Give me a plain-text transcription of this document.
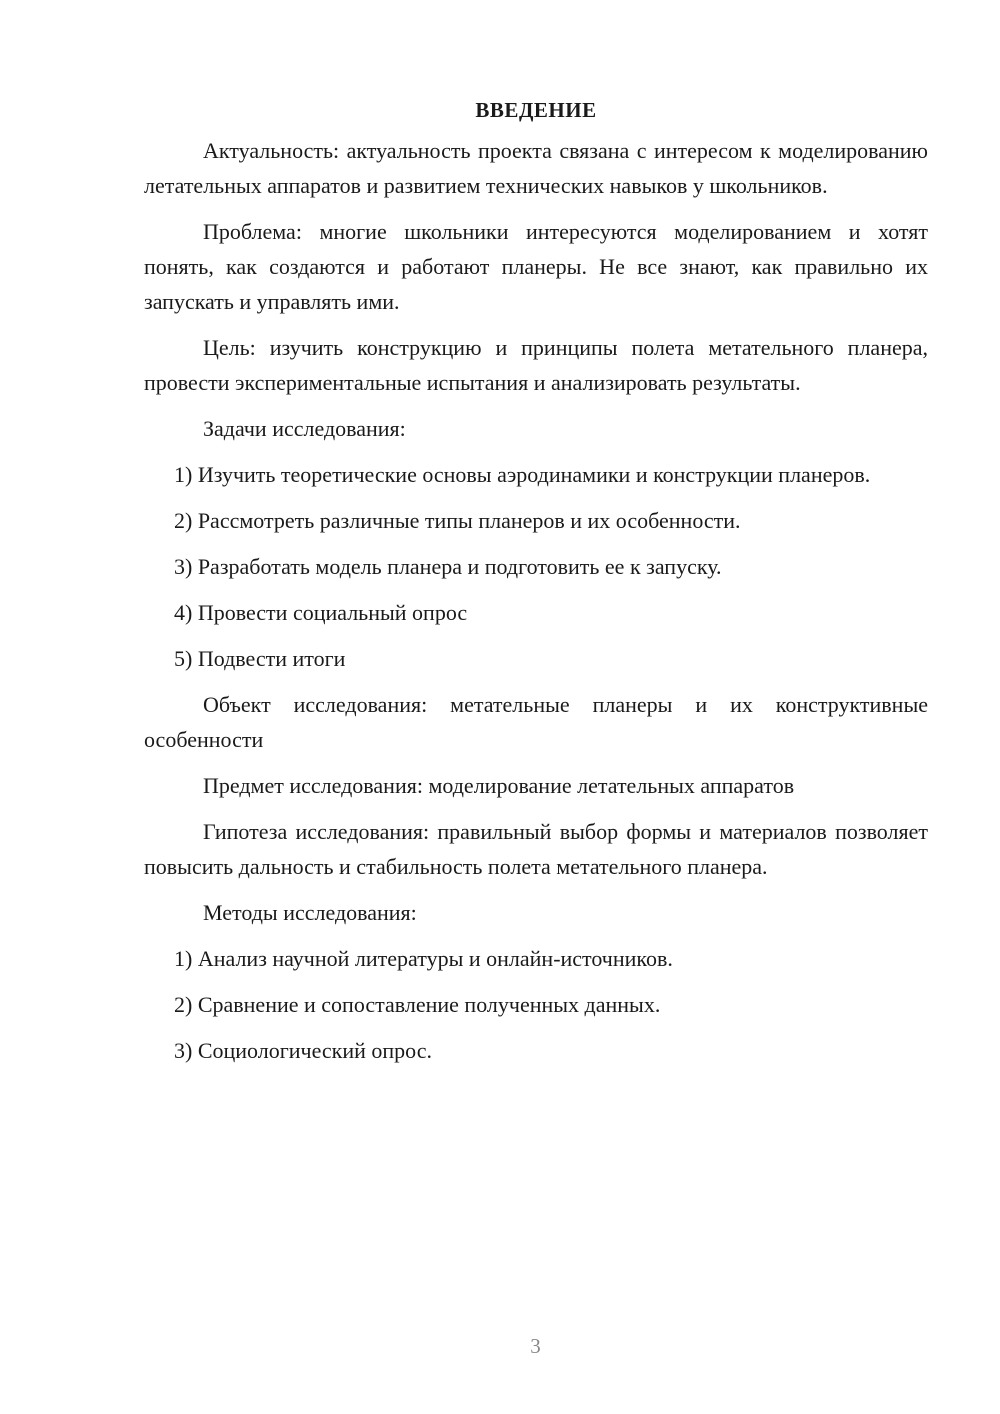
ВВЕДЕНИЕ

Актуальность: актуальность проекта связана с интересом к моделированию летательных аппаратов и развитием технических навыков у школьников.

Проблема: многие школьники интересуются моделированием и хотят понять, как создаются и работают планеры. Не все знают, как правильно их запускать и управлять ими.

Цель: изучить конструкцию и принципы полета метательного планера, провести экспериментальные испытания и анализировать результаты.

Задачи исследования:

1) Изучить теоретические основы аэродинамики и конструкции планеров.

2) Рассмотреть различные типы планеров и их особенности.

3) Разработать модель планера и подготовить ее к запуску.

4) Провести социальный опрос

5) Подвести итоги

Объект исследования: метательные планеры и их конструктивные особенности

Предмет исследования: моделирование летательных аппаратов

Гипотеза исследования: правильный выбор формы и материалов позволяет повысить дальность и стабильность полета метательного планера.

Методы исследования:

1) Анализ научной литературы и онлайн-источников.

2) Сравнение и сопоставление полученных данных.

3) Социологический опрос.

3
